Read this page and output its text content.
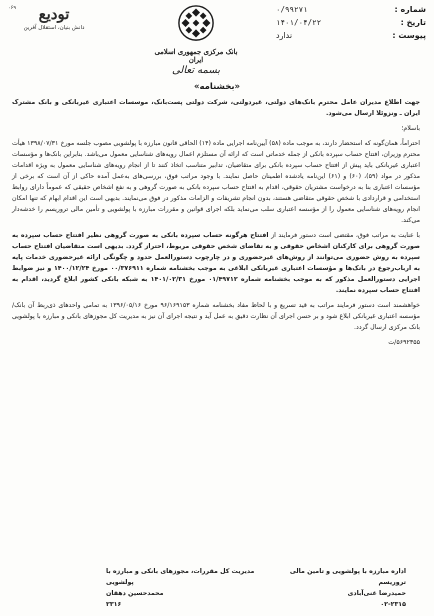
شماره :
۰/۹۹۲۷۱
تاریخ :
۱۴۰۱/۰۴/۲۲
پیوست :
ندارد
بانک مرکزی جمهوری اسلامی ایران
بسمه تعالی
۰۶۹	تودیع
دانش بنیان، استقلال آفرین
«بخشنامه»

جهت اطلاع مدیران عامل محترم بانک‌های دولتی، غیردولتی، شرکت دولتی پست‌بانک، موسسات اعتباری غیربانکی و بانک مشترک ایران ـ ونزوئلا ارسال می‌شود.

باسلام؛

احتراماً، همان‌گونه که استحضار دارند، به موجب ماده (۵۸) آیین‌نامه اجرایی ماده (۱۴) الحاقی قانون مبارزه با پولشویی مصوب جلسه مورخ ۱۳۹۸/۰۷/۳۱ هیأت محترم وزیران، افتتاح حساب سپرده بانکی از جمله خدماتی است که ارائه آن مستلزم اعمال رویه‌های شناسایی معمول می‌باشد. بنابراین بانک‌ها و مؤسسات اعتباری غیربانکی باید پیش از افتتاح حساب سپرده بانکی برای متقاضیان، تدابیر متناسب اتخاذ کنند تا از انجام رویه‌های شناسایی معمول به ویژه اقدامات مذکور در مواد (۵۹)، (۶۰) و (۶۱) این‌نامه یادشده اطمینان حاصل نمایند. با وجود مراتب فوق، بررسی‌های به‌عمل آمده حاکی از آن است که برخی از مؤسسات اعتباری بنا به درخواست مشتریان حقوقی، اقدام به افتتاح حساب سپرده بانکی به صورت گروهی و به نفع اشخاص حقیقی که عموماً دارای روابط استخدامی و قراردادی با شخص حقوقی متقاضی هستند، بدون انجام تشریفات و الزامات مذکور در فوق می‌نمایند. بدیهی است این اقدام ابهام که تنها امکان انجام رویه‌های شناسایی معمول را از مؤسسه اعتباری سلب می‌نماید بلکه اجرای قوانین و مقررات مبارزه با پولشویی و تأمین مالی تروریسم را خدشه‌دار می‌کند.

با عنایت به مراتب فوق، مقتضی است دستور فرمایند از افتتاح هرگونه حساب سپرده بانکی به صورت گروهی نظیر افتتاح حساب سپرده به صورت گروهی برای کارکنان اشخاص حقوقی و به تقاضای شخص حقوقی مربوط، احتراز گردد. بدیهی است متقاضیان افتتاح حساب سپرده به روش حضوری می‌توانند از روش‌های غیرحضوری و در چارچوب دستورالعمل حدود و چگونگی ارائه غیرحضوری خدمات پایه به ارباب‌رجوع در بانک‌ها و مؤسسات اعتباری غیربانکی ابلاغی به موجب بخشنامه شماره ۰۰/۳۷۶۹۱۱ مورخ ۱۴۰۰/۱۲/۲۴ و نیز ضوابط اجرایی دستورالعمل مذکور که به موجب بخشنامه شماره ۰۱/۴۹۷۱۲ مورخ ۱۴۰۱/۰۲/۳۱ به شبکه بانکی کشور ابلاغ گردید، اقدام به افتتاح حساب سپرده نمایند.

خواهشمند است دستور فرمایند مراتب به قید تسریع و با لحاظ مفاد بخشنامه شماره ۹۶/۱۶۹۱۵۳ مورخ ۱۳۹۶/۰۵/۱۶ به تمامی واحدهای ذی‌ربط آن بانک/مؤسسه اعتباری غیربانکی ابلاغ شود و بر حسن اجرای آن نظارت دقیق به عمل آید و نتیجه اجرای آن نیز به مدیریت کل مجوزهای بانکی و مبارزه با پولشویی بانک مرکزی ارسال گردد.

۵۶۹۲۳۵۵/ت

اداره مبارزه با پولشویی و تامین مالی تروریسم
مدیریت کل مقررات، مجوزهای بانکی و مبارزه با پولشویی
حمیدرضا غنی‌آبادی
محمدحسین دهقان
۰۲-۲۳۱۵
۲۳۱۶
